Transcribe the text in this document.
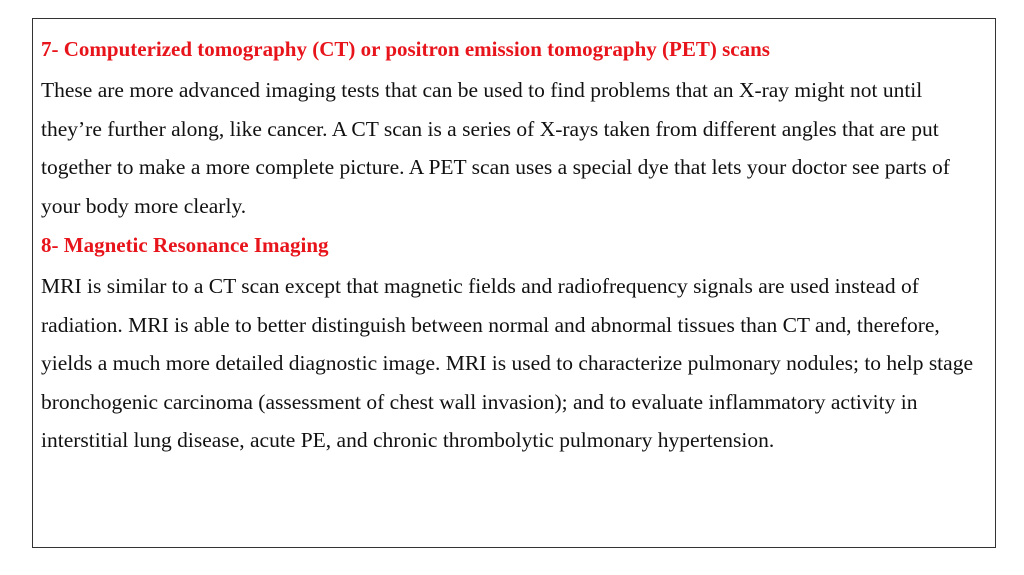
7- Computerized tomography (CT) or positron emission tomography (PET) scans
These are more advanced imaging tests that can be used to find problems that an X-ray might not until they’re further along, like cancer. A CT scan is a series of X-rays taken from different angles that are put together to make a more complete picture. A PET scan uses a special dye that lets your doctor see parts of your body more clearly.
8- Magnetic Resonance Imaging
MRI is similar to a CT scan except that magnetic fields and radiofrequency signals are used instead of radiation. MRI is able to better distinguish between normal and abnormal tissues than CT and, therefore, yields a much more detailed diagnostic image. MRI is used to characterize pulmonary nodules; to help stage bronchogenic carcinoma (assessment of chest wall invasion); and to evaluate inflammatory activity in interstitial lung disease, acute PE, and chronic thrombolytic pulmonary hypertension.
